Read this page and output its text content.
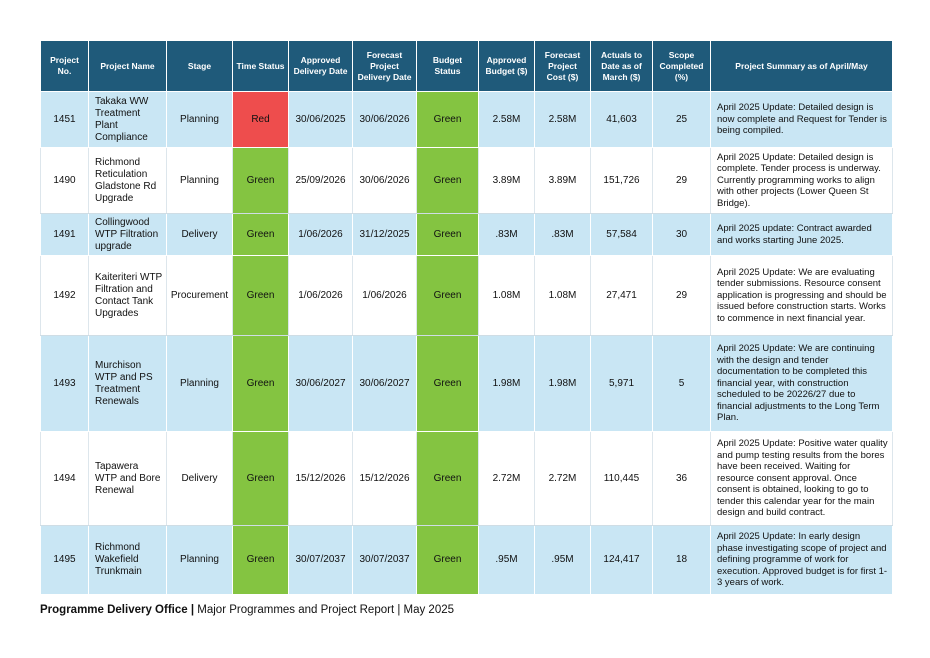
Project No.	Project Name	Stage	Time Status	Approved Delivery Date	Forecast Project Delivery Date	Budget Status	Approved Budget ($)	Forecast Project Cost ($)	Actuals to Date as of March ($)	Scope Completed (%)	Project Summary as of April/May
1451	Takaka WW Treatment Plant Compliance	Planning	Red	30/06/2025	30/06/2026	Green	2.58M	2.58M	41,603	25	April 2025 Update: Detailed design is now complete and Request for Tender is being compiled.
1490	Richmond Reticulation Gladstone Rd Upgrade	Planning	Green	25/09/2026	30/06/2026	Green	3.89M	3.89M	151,726	29	April 2025 Update: Detailed design is complete. Tender process is underway. Currently programming works to align with other projects (Lower Queen St Bridge).
1491	Collingwood WTP Filtration upgrade	Delivery	Green	1/06/2026	31/12/2025	Green	.83M	.83M	57,584	30	April 2025 update: Contract awarded and works starting June 2025.
1492	Kaiteriteri WTP Filtration and Contact Tank Upgrades	Procurement	Green	1/06/2026	1/06/2026	Green	1.08M	1.08M	27,471	29	April 2025 Update: We are evaluating tender submissions. Resource consent application is progressing and should be issued before construction starts. Works to commence in next financial year.
1493	Murchison WTP and PS Treatment Renewals	Planning	Green	30/06/2027	30/06/2027	Green	1.98M	1.98M	5,971	5	April 2025 Update: We are continuing with the design and tender documentation to be completed this financial year, with construction scheduled to be 20226/27 due to financial adjustments to the Long Term Plan.
1494	Tapawera WTP and Bore Renewal	Delivery	Green	15/12/2026	15/12/2026	Green	2.72M	2.72M	110,445	36	April 2025 Update: Positive water quality and pump testing results from the bores have been received. Waiting for resource consent approval. Once consent is obtained, looking to go to tender this calendar year for the main design and build contract.
1495	Richmond Wakefield Trunkmain	Planning	Green	30/07/2037	30/07/2037	Green	.95M	.95M	124,417	18	April 2025 Update: In early design phase investigating scope of project and defining programme of work for execution. Approved budget is for first 1-3 years of work.
Programme Delivery Office | Major Programmes and Project Report | May 2025
